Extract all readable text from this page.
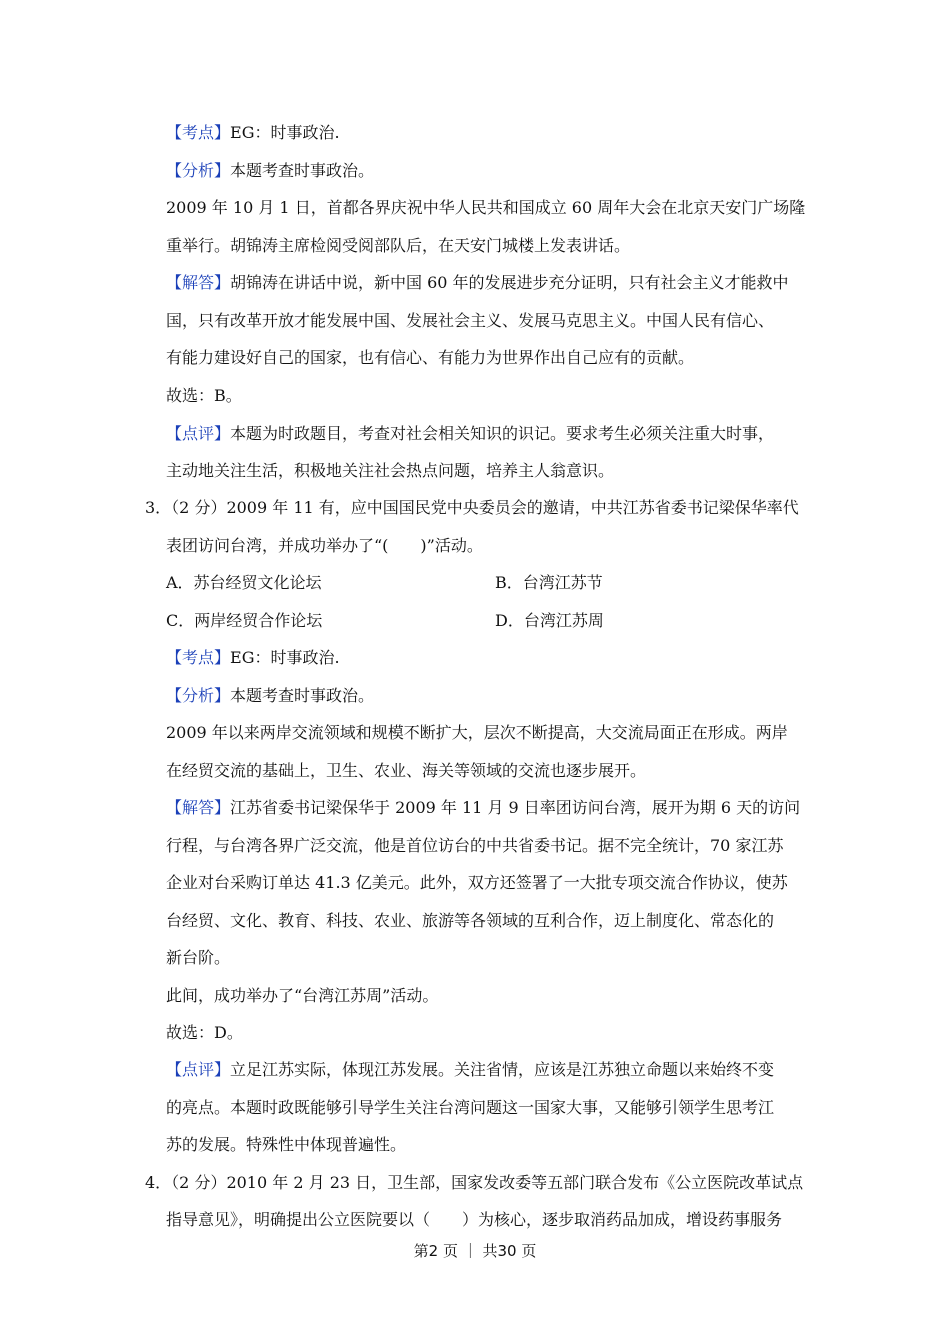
【考点】EG：时事政治.
【分析】本题考查时事政治。
2009 年 10 月 1 日，首都各界庆祝中华人民共和国成立 60 周年大会在北京天安门广场隆
重举行。胡锦涛主席检阅受阅部队后，在天安门城楼上发表讲话。
【解答】胡锦涛在讲话中说，新中国 60 年的发展进步充分证明，只有社会主义才能救中
国，只有改革开放才能发展中国、发展社会主义、发展马克思主义。中国人民有信心、
有能力建设好自己的国家，也有信心、有能力为世界作出自己应有的贡献。
故选：B。
【点评】本题为时政题目，考查对社会相关知识的识记。要求考生必须关注重大时事，
主动地关注生活，积极地关注社会热点问题，培养主人翁意识。
3．（2 分）2009 年 11 有，应中国国民党中央委员会的邀请，中共江苏省委书记梁保华率代
表团访问台湾，并成功举办了“(　　)”活动。
A．苏台经贸文化论坛	B．台湾江苏节
C．两岸经贸合作论坛	D．台湾江苏周
【考点】EG：时事政治.
【分析】本题考查时事政治。
2009 年以来两岸交流领域和规模不断扩大，层次不断提高，大交流局面正在形成。两岸
在经贸交流的基础上，卫生、农业、海关等领域的交流也逐步展开。
【解答】江苏省委书记梁保华于 2009 年 11 月 9 日率团访问台湾，展开为期 6 天的访问
行程，与台湾各界广泛交流，他是首位访台的中共省委书记。据不完全统计，70 家江苏
企业对台采购订单达 41.3 亿美元。此外，双方还签署了一大批专项交流合作协议，使苏
台经贸、文化、教育、科技、农业、旅游等各领域的互利合作，迈上制度化、常态化的
新台阶。
此间，成功举办了“台湾江苏周”活动。
故选：D。
【点评】立足江苏实际，体现江苏发展。关注省情，应该是江苏独立命题以来始终不变
的亮点。本题时政既能够引导学生关注台湾问题这一国家大事，又能够引领学生思考江
苏的发展。特殊性中体现普遍性。
4．（2 分）2010 年 2 月 23 日，卫生部，国家发改委等五部门联合发布《公立医院改革试点
指导意见》，明确提出公立医院要以（　　）为核心，逐步取消药品加成，增设药事服务
第2 页 ｜ 共30 页
